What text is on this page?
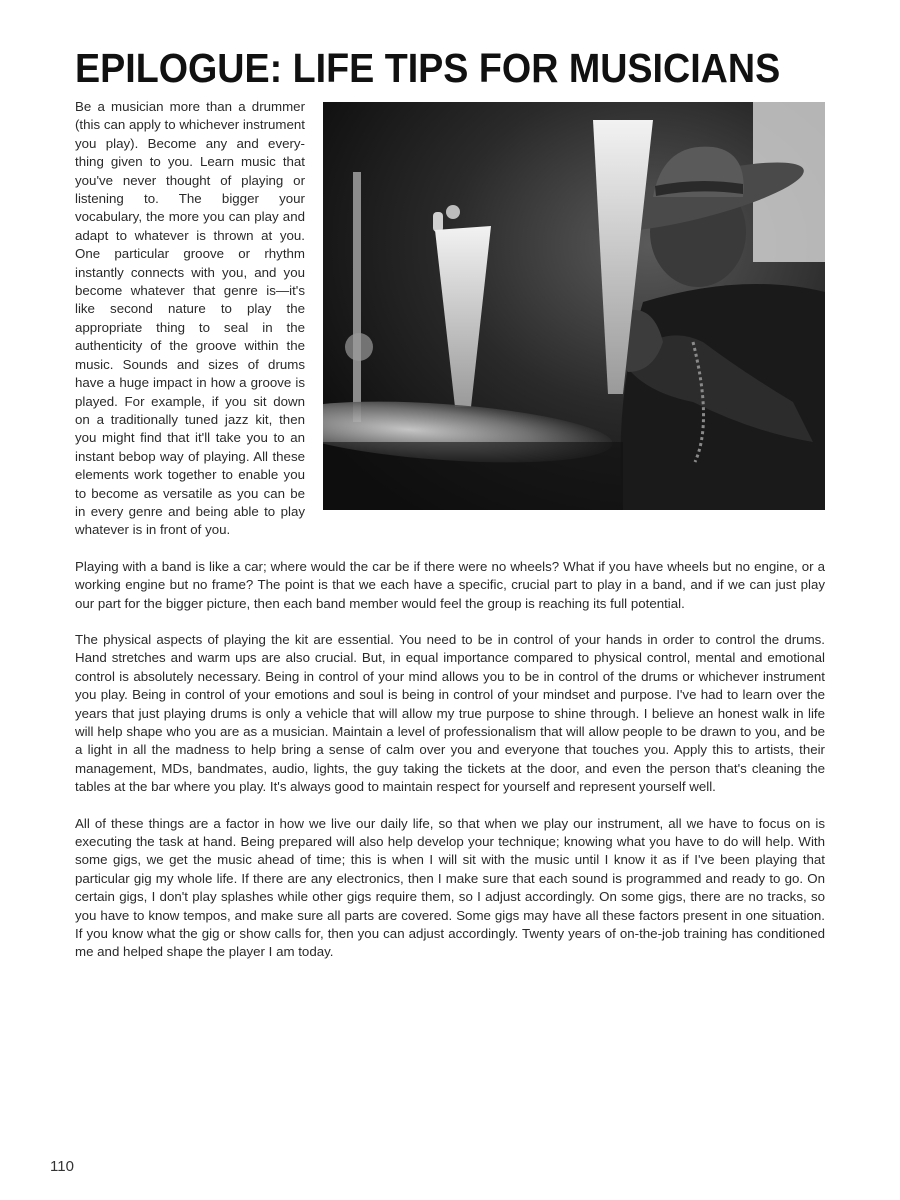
EPILOGUE: LIFE TIPS FOR MUSICIANS

Be a musician more than a drummer (this can apply to whichever instrument you play). Become any and every-thing given to you. Learn music that you've never thought of playing or listening to. The bigger your vocabulary, the more you can play and adapt to whatever is thrown at you. One particular groove or rhythm instantly connects with you, and you become whatever that genre is—it's like second nature to play the appropriate thing to seal in the authenticity of the groove within the music. Sounds and sizes of drums have a huge impact in how a groove is played. For example, if you sit down on a traditionally tuned jazz kit, then you might find that it'll take you to an instant bebop way of playing. All these elements work together to enable you to become as versatile as you can be in every genre and being able to play whatever is in front of you.

Playing with a band is like a car; where would the car be if there were no wheels? What if you have wheels but no engine, or a working engine but no frame? The point is that we each have a specific, crucial part to play in a band, and if we can just play our part for the bigger picture, then each band member would feel the group is reaching its full potential.

The physical aspects of playing the kit are essential. You need to be in control of your hands in order to control the drums. Hand stretches and warm ups are also crucial. But, in equal importance compared to physical control, mental and emotional control is absolutely necessary. Being in control of your mind allows you to be in control of the drums or whichever instrument you play. Being in control of your emotions and soul is being in control of your mindset and purpose. I've had to learn over the years that just playing drums is only a vehicle that will allow my true purpose to shine through. I believe an honest walk in life will help shape who you are as a musician. Maintain a level of professionalism that will allow people to be drawn to you, and be a light in all the madness to help bring a sense of calm over you and everyone that touches you. Apply this to artists, their management, MDs, bandmates, audio, lights, the guy taking the tickets at the door, and even the person that's cleaning the tables at the bar where you play. It's always good to maintain respect for yourself and represent yourself well.

All of these things are a factor in how we live our daily life, so that when we play our instrument, all we have to focus on is executing the task at hand. Being prepared will also help develop your technique; knowing what you have to do will help. With some gigs, we get the music ahead of time; this is when I will sit with the music until I know it as if I've been playing that particular gig my whole life. If there are any electronics, then I make sure that each sound is programmed and ready to go. On certain gigs, I don't play splashes while other gigs require them, so I adjust accordingly. On some gigs, there are no tracks, so you have to know tempos, and make sure all parts are covered. Some gigs may have all these factors present in one situation. If you know what the gig or show calls for, then you can adjust accordingly. Twenty years of on-the-job training has conditioned me and helped shape the player I am today.

110
